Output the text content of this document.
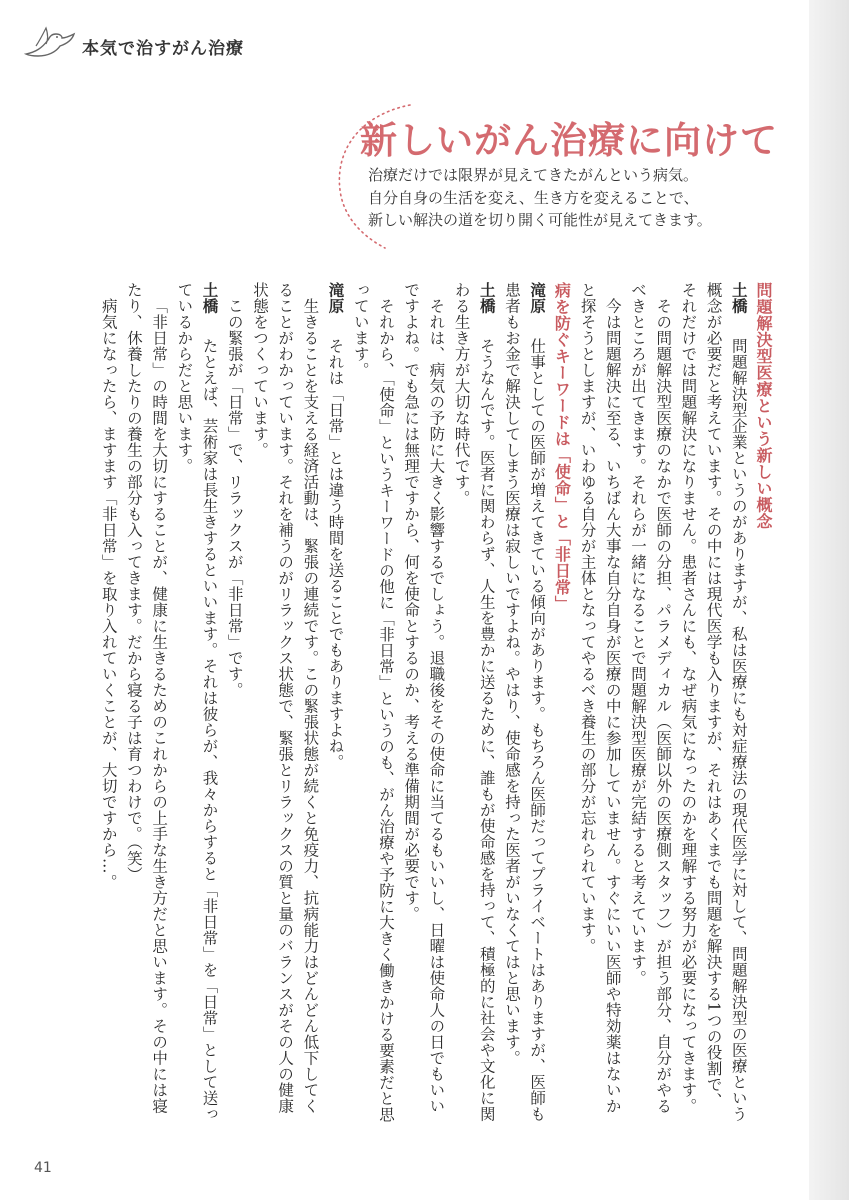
本気で治すがん治療
新しいがん治療に向けて
治療だけでは限界が見えてきたがんという病気。
自分自身の生活を変え、生き方を変えることで、
新しい解決の道を切り開く可能性が見えてきます。

問題解決型医療という新しい概念

土橋　問題解決型企業というのがありますが、私は医療にも対症療法の現代医学に対して、問題解決型の医療という概念が必要だと考えています。その中には現代医学も入りますが、それはあくまでも問題を解決する1つの役割で、それだけでは問題解決になりません。患者さんにも、なぜ病気になったのかを理解する努力が必要になってきます。

その問題解決型医療のなかで医師の分担、パラメディカル（医師以外の医療側スタッフ）が担う部分、自分がやるべきところが出てきます。それらが一緒になることで問題解決型医療が完結すると考えています。

今は問題解決に至る、いちばん大事な自分自身が医療の中に参加していません。すぐにいい医師や特効薬はないかと探そうとしますが、いわゆる自分が主体となってやるべき養生の部分が忘れられています。

病を防ぐキーワードは「使命」と「非日常」

滝原　仕事としての医師が増えてきている傾向があります。もちろん医師だってプライベートはありますが、医師も患者もお金で解決してしまう医療は寂しいですよね。やはり、使命感を持った医者がいなくてはと思います。

土橋　そうなんです。医者に関わらず、人生を豊かに送るために、誰もが使命感を持って、積極的に社会や文化に関わる生き方が大切な時代です。

それは、病気の予防に大きく影響するでしょう。退職後をその使命に当てるもいいし、日曜は使命人の日でもいいですよね。でも急には無理ですから、何を使命とするのか、考える準備期間が必要です。

それから、「使命」というキーワードの他に「非日常」というのも、がん治療や予防に大きく働きかける要素だと思っています。

滝原　それは「日常」とは違う時間を送ることでもありますよね。

生きることを支える経済活動は、緊張の連続です。この緊張状態が続くと免疫力、抗病能力はどんどん低下してくることがわかっています。それを補うのがリラックス状態で、緊張とリラックスの質と量のバランスがその人の健康状態をつくっています。

この緊張が「日常」で、リラックスが「非日常」です。

土橋　たとえば、芸術家は長生きするといいます。それは彼らが、我々からすると「非日常」を「日常」として送っているからだと思います。

「非日常」の時間を大切にすることが、健康に生きるためのこれからの上手な生き方だと思います。その中には寝たり、休養したりの養生の部分も入ってきます。だから寝る子は育つわけで。（笑）

病気になったら、ますます「非日常」を取り入れていくことが、大切ですから…。

41
